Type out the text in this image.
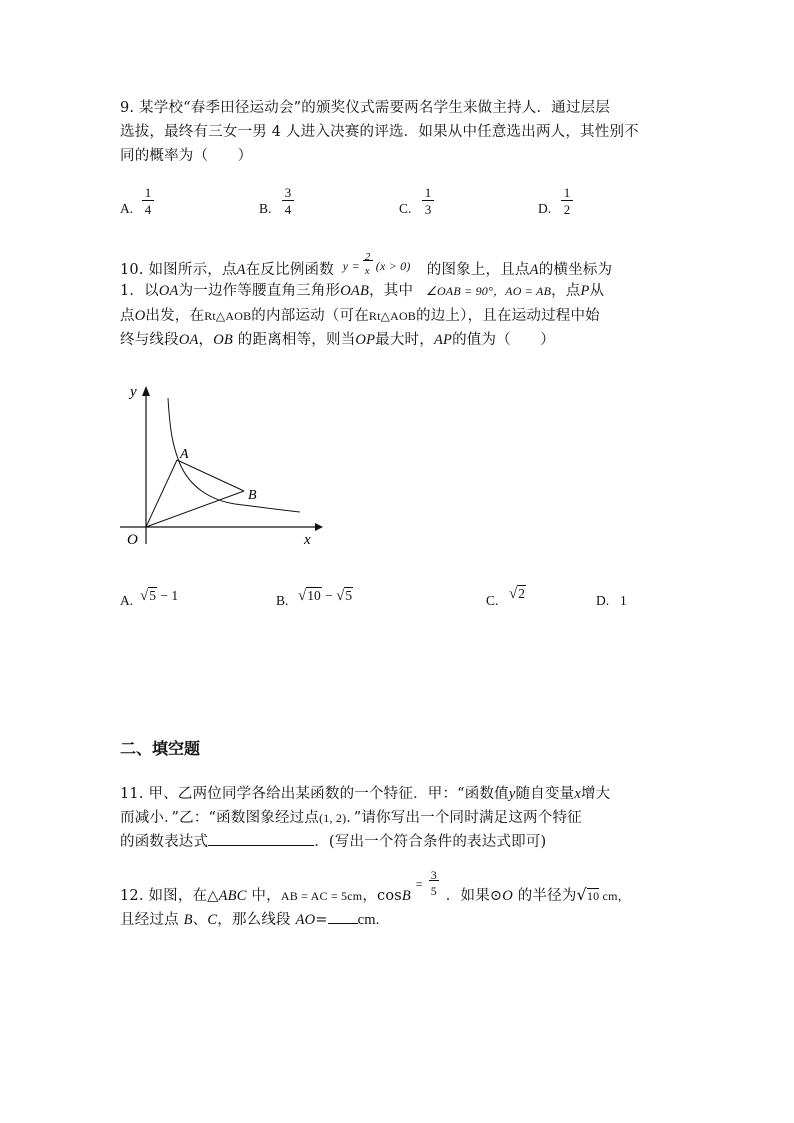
9. 某学校“春季田径运动会”的颁奖仪式需要两名学生来做主持人．通过层层
选拔，最终有三女一男 4 人进入决赛的评选．如果从中任意选出两人，其性别不
同的概率为（　　）
A.
1
4	B.
3
4	C.
1
3	D.
1
2
10. 如图所示，点A在反比例函数 y =
2
x (x > 0) 的图象上，且点A的横坐标为
1．以OA为一边作等腰直角三角形OAB，其中 ∠OAB = 90°，AO = AB，点P从
点O出发，在Rt△AOB的内部运动（可在Rt△AOB的边上），且在运动过程中始
终与线段OA，OB 的距离相等，则当OP最大时，AP的值为（　　）
y
x
O
A
B
A. √5 − 1	B. √10 − √5	C. √2	D. 1
二、填空题
11. 甲、乙两位同学各给出某函数的一个特征．甲：“函数值y随自变量x增大
而减小．”乙：“函数图象经过点(1, 2)．”请你写出一个同时满足这两个特征
的函数表达式	．(写出一个符合条件的表达式即可)
12. 如图，在△ABC 中，AB = AC = 5cm，cosB
=
3
5 ．如果⊙O 的半径为√10 cm，
且经过点 B、C，那么线段 AO= cm.
